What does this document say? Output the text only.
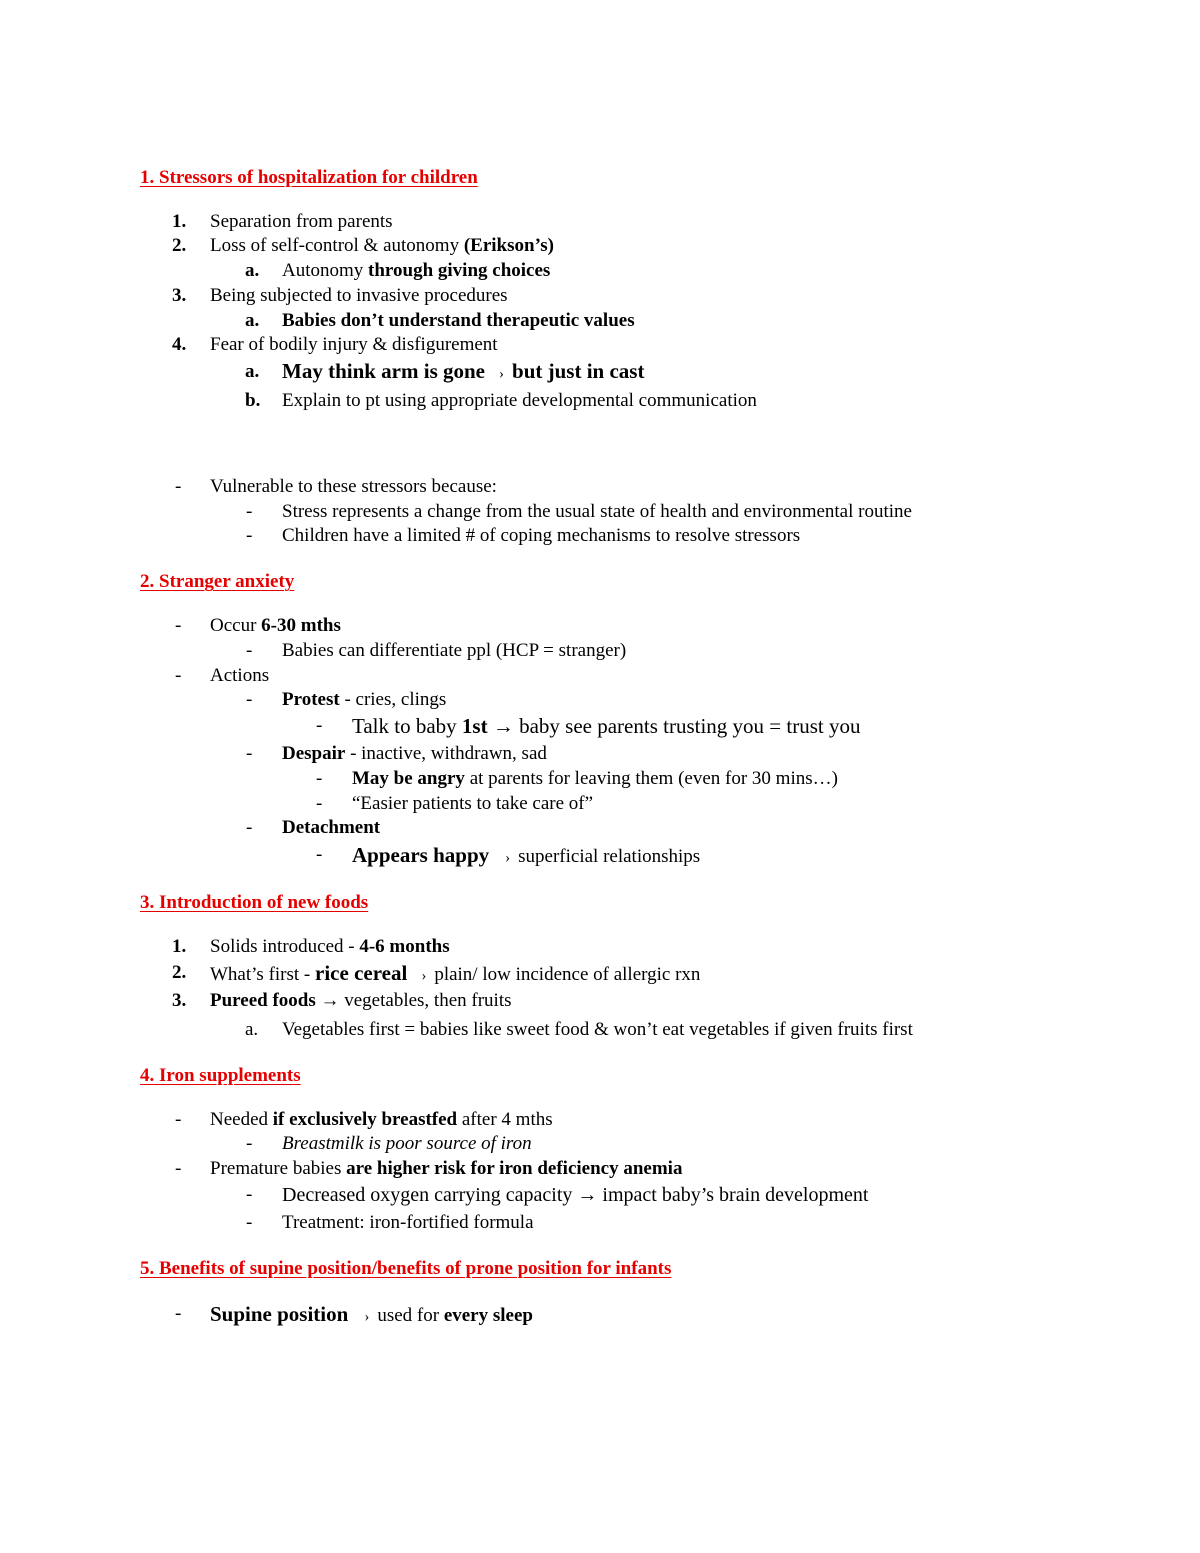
1. Stressors of hospitalization for children
1. Separation from parents
2. Loss of self-control & autonomy (Erikson’s)
a. Autonomy through giving choices
3. Being subjected to invasive procedures
a. Babies don’t understand therapeutic values
4. Fear of bodily injury & disfigurement
a. May think arm is gone › but just in cast
b. Explain to pt using appropriate developmental communication
- Vulnerable to these stressors because:
- Stress represents a change from the usual state of health and environmental routine
- Children have a limited # of coping mechanisms to resolve stressors
2. Stranger anxiety
- Occur 6-30 mths
- Babies can differentiate ppl (HCP = stranger)
- Actions
- Protest - cries, clings
- Talk to baby 1st → baby see parents trusting you = trust you
- Despair - inactive, withdrawn, sad
- May be angry at parents for leaving them (even for 30 mins…)
- “Easier patients to take care of”
- Detachment
- Appears happy › superficial relationships
3. Introduction of new foods
1. Solids introduced - 4-6 months
2. What’s first - rice cereal › plain/ low incidence of allergic rxn
3. Pureed foods → vegetables, then fruits
a. Vegetables first = babies like sweet food & won’t eat vegetables if given fruits first
4. Iron supplements
- Needed if exclusively breastfed after 4 mths
- Breastmilk is poor source of iron
- Premature babies are higher risk for iron deficiency anemia
- Decreased oxygen carrying capacity → impact baby’s brain development
- Treatment: iron-fortified formula
5. Benefits of supine position/benefits of prone position for infants
- Supine position › used for every sleep
